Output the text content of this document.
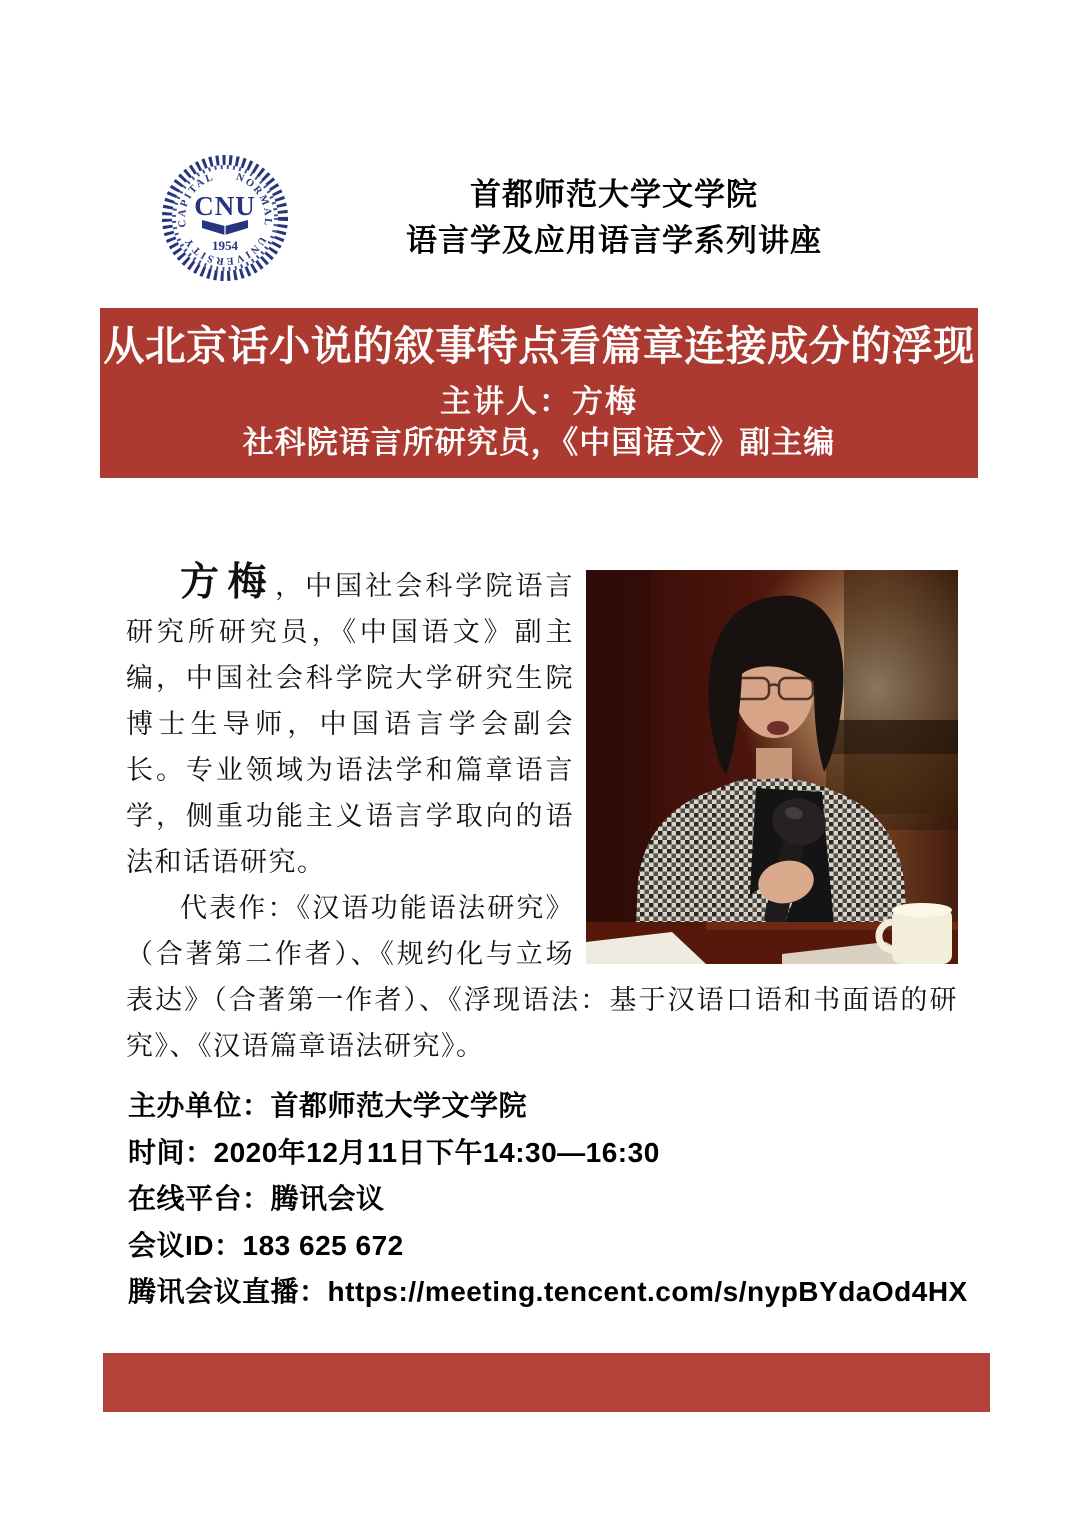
CAPITAL NORMAL
UNIVERSITY
CNU
1954
首都师范大学文学院
语言学及应用语言学系列讲座
从北京话小说的叙事特点看篇章连接成分的浮现
主讲人：方梅
社科院语言所研究员，《中国语文》副主编

方梅，中国社会科学院语言研究所研究员，《中国语文》副主编，中国社会科学院大学研究生院博士生导师，中国语言学会副会长。专业领域为语法学和篇章语言学，侧重功能主义语言学取向的语法和话语研究。

代表作：《汉语功能语法研究》（合著第二作者）、《规约化与立场表达》（合著第一作者）、《浮现语法：基于汉语口语和书面语的研究》、《汉语篇章语法研究》。

主办单位：首都师范大学文学院
时间：2020年12月11日下午14:30—16:30
在线平台：腾讯会议
会议ID：183 625 672
腾讯会议直播：https://meeting.tencent.com/s/nypBYdaOd4HX
